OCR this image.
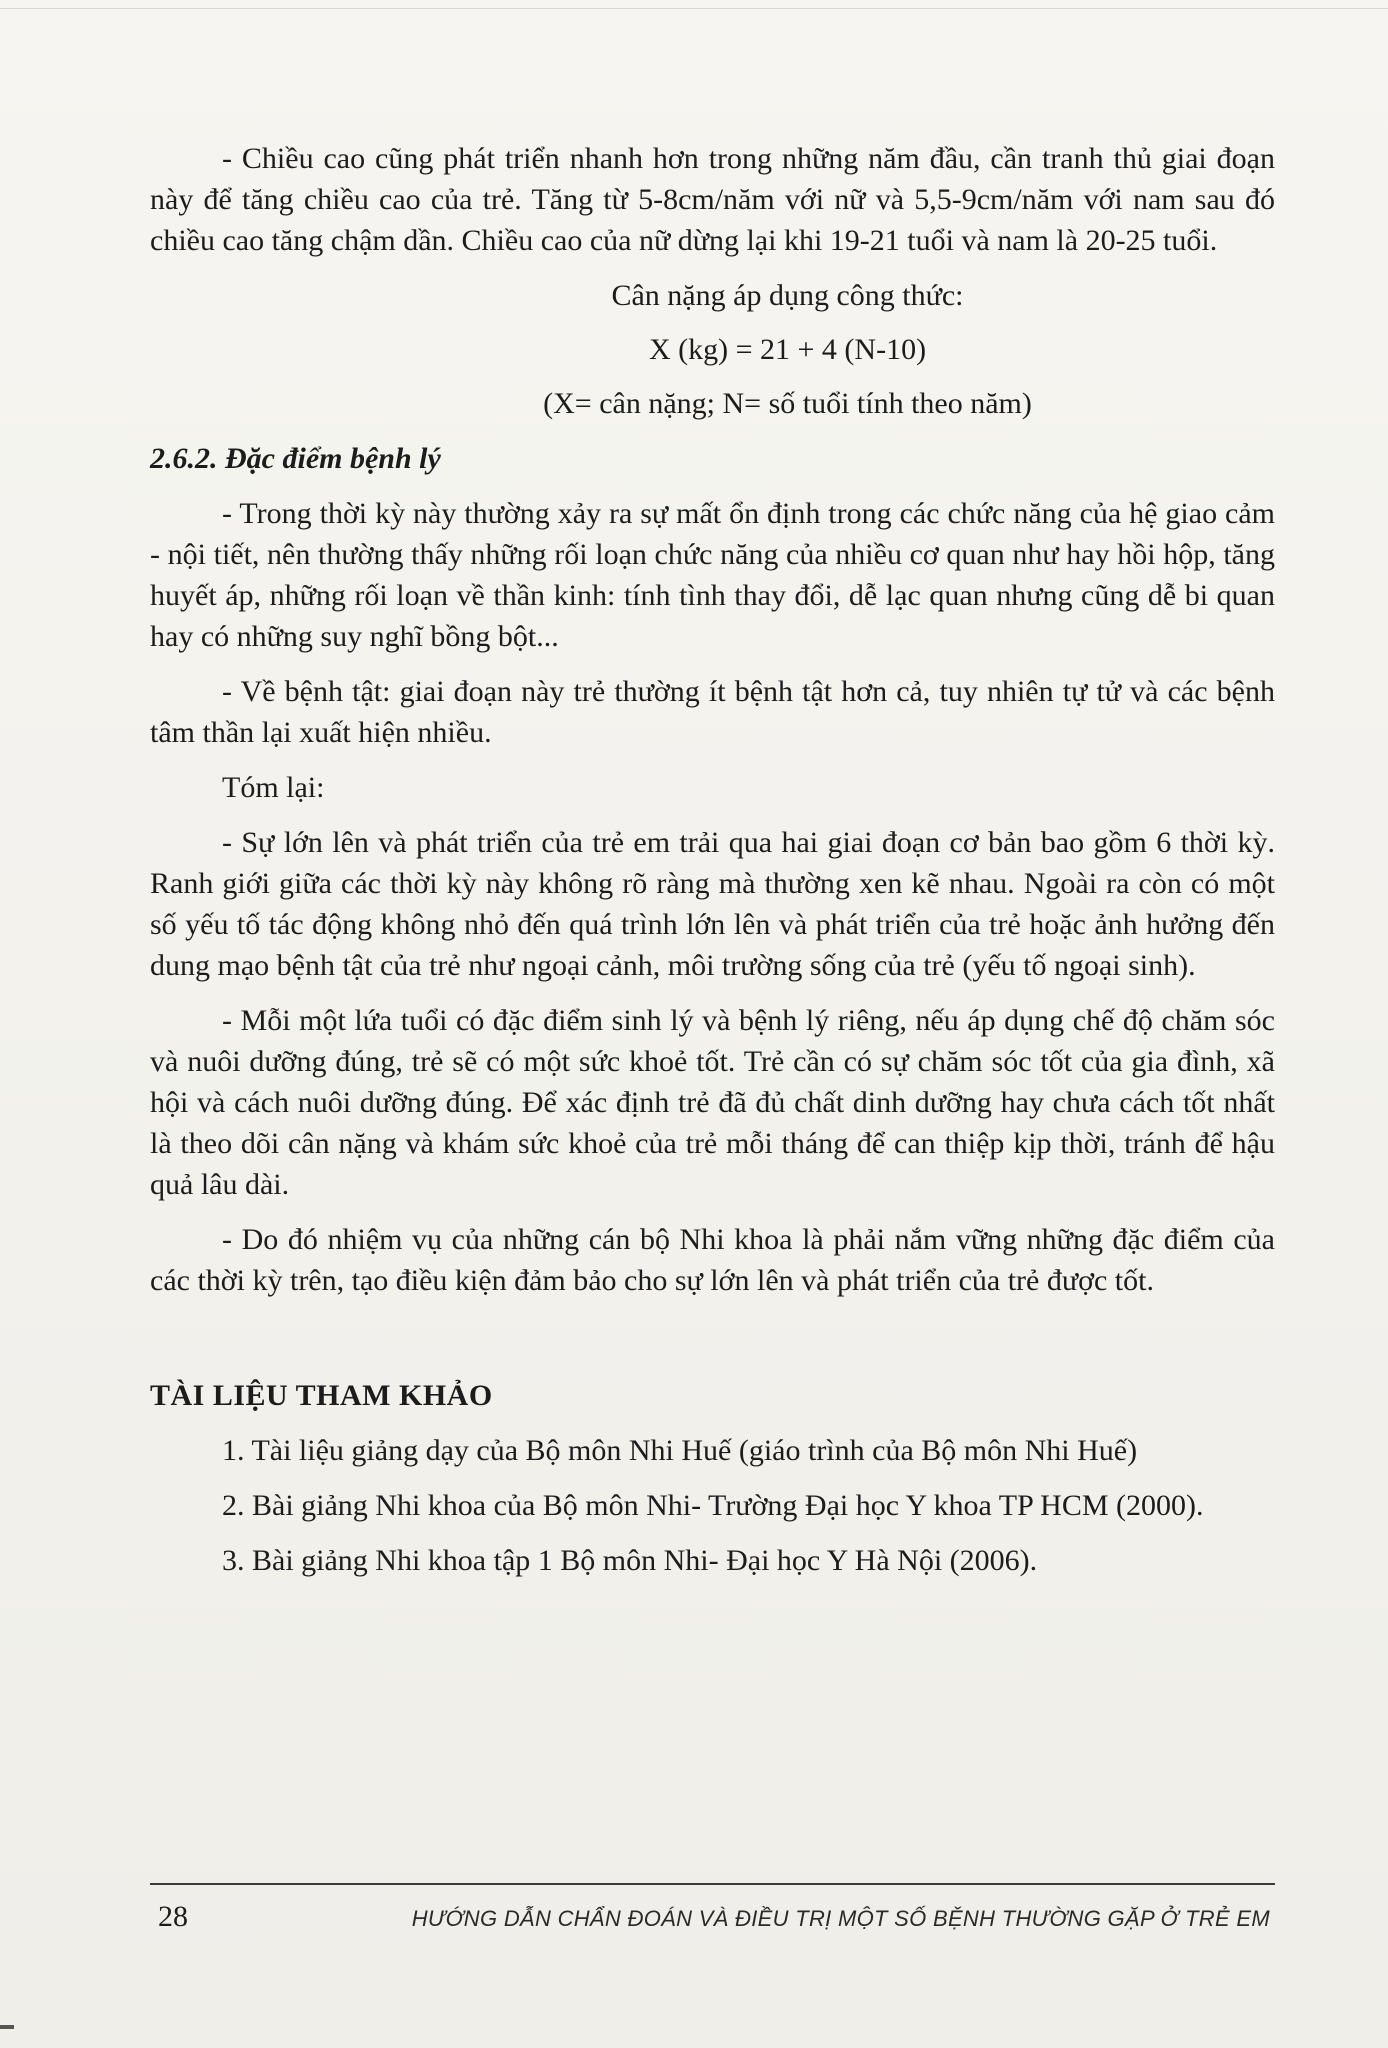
- Chiều cao cũng phát triển nhanh hơn trong những năm đầu, cần tranh thủ giai đoạn này để tăng chiều cao của trẻ. Tăng từ 5-8cm/năm với nữ và 5,5-9cm/năm với nam sau đó chiều cao tăng chậm dần. Chiều cao của nữ dừng lại khi 19-21 tuổi và nam là 20-25 tuổi.

Cân nặng áp dụng công thức:

X (kg) = 21 + 4 (N-10)

(X= cân nặng; N= số tuổi tính theo năm)

2.6.2. Đặc điểm bệnh lý

- Trong thời kỳ này thường xảy ra sự mất ổn định trong các chức năng của hệ giao cảm - nội tiết, nên thường thấy những rối loạn chức năng của nhiều cơ quan như hay hồi hộp, tăng huyết áp, những rối loạn về thần kinh: tính tình thay đổi, dễ lạc quan nhưng cũng dễ bi quan hay có những suy nghĩ bồng bột...

- Về bệnh tật: giai đoạn này trẻ thường ít bệnh tật hơn cả, tuy nhiên tự tử và các bệnh tâm thần lại xuất hiện nhiều.

Tóm lại:

- Sự lớn lên và phát triển của trẻ em trải qua hai giai đoạn cơ bản bao gồm 6 thời kỳ. Ranh giới giữa các thời kỳ này không rõ ràng mà thường xen kẽ nhau. Ngoài ra còn có một số yếu tố tác động không nhỏ đến quá trình lớn lên và phát triển của trẻ hoặc ảnh hưởng đến dung mạo bệnh tật của trẻ như ngoại cảnh, môi trường sống của trẻ (yếu tố ngoại sinh).

- Mỗi một lứa tuổi có đặc điểm sinh lý và bệnh lý riêng, nếu áp dụng chế độ chăm sóc và nuôi dưỡng đúng, trẻ sẽ có một sức khoẻ tốt. Trẻ cần có sự chăm sóc tốt của gia đình, xã hội và cách nuôi dưỡng đúng. Để xác định trẻ đã đủ chất dinh dưỡng hay chưa cách tốt nhất là theo dõi cân nặng và khám sức khoẻ của trẻ mỗi tháng để can thiệp kịp thời, tránh để hậu quả lâu dài.

- Do đó nhiệm vụ của những cán bộ Nhi khoa là phải nắm vững những đặc điểm của các thời kỳ trên, tạo điều kiện đảm bảo cho sự lớn lên và phát triển của trẻ được tốt.

TÀI LIỆU THAM KHẢO

1. Tài liệu giảng dạy của Bộ môn Nhi Huế (giáo trình của Bộ môn Nhi Huế)

2. Bài giảng Nhi khoa của Bộ môn Nhi- Trường Đại học Y khoa TP HCM (2000).

3. Bài giảng Nhi khoa tập 1 Bộ môn Nhi- Đại học Y Hà Nội (2006).

28	HƯỚNG DẪN CHẨN ĐOÁN VÀ ĐIỀU TRỊ MỘT SỐ BỆNH THƯỜNG GẶP Ở TRẺ EM
